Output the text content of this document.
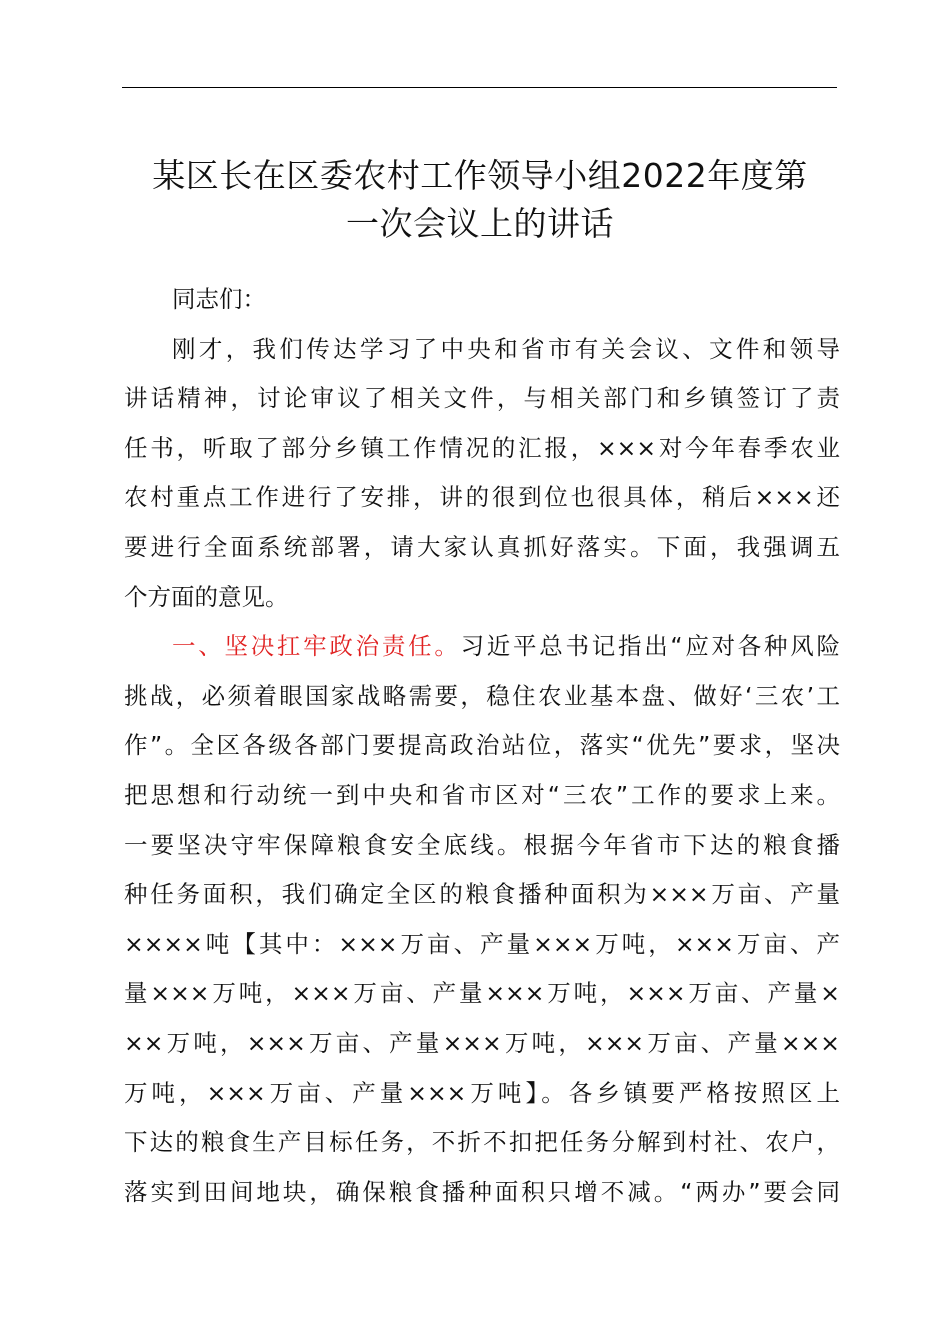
某区长在区委农村工作领导小组2022年度第
一次会议上的讲话
同志们：
刚才，我们传达学习了中央和省市有关会议、文件和领导
讲话精神，讨论审议了相关文件，与相关部门和乡镇签订了责
任书，听取了部分乡镇工作情况的汇报，×××对今年春季农业
农村重点工作进行了安排，讲的很到位也很具体，稍后×××还
要进行全面系统部署，请大家认真抓好落实。下面，我强调五
个方面的意见。
一、坚决扛牢政治责任。习近平总书记指出“应对各种风险
挑战，必须着眼国家战略需要，稳住农业基本盘、做好‘三农’工
作”。全区各级各部门要提高政治站位，落实“优先”要求，坚决
把思想和行动统一到中央和省市区对“三农”工作的要求上来。
一要坚决守牢保障粮食安全底线。根据今年省市下达的粮食播
种任务面积，我们确定全区的粮食播种面积为×××万亩、产量
××××吨【其中：×××万亩、产量×××万吨，×××万亩、产
量×××万吨，×××万亩、产量×××万吨，×××万亩、产量×
××万吨，×××万亩、产量×××万吨，×××万亩、产量×××
万吨，×××万亩、产量×××万吨】。各乡镇要严格按照区上
下达的粮食生产目标任务，不折不扣把任务分解到村社、农户，
落实到田间地块，确保粮食播种面积只增不减。“两办”要会同
